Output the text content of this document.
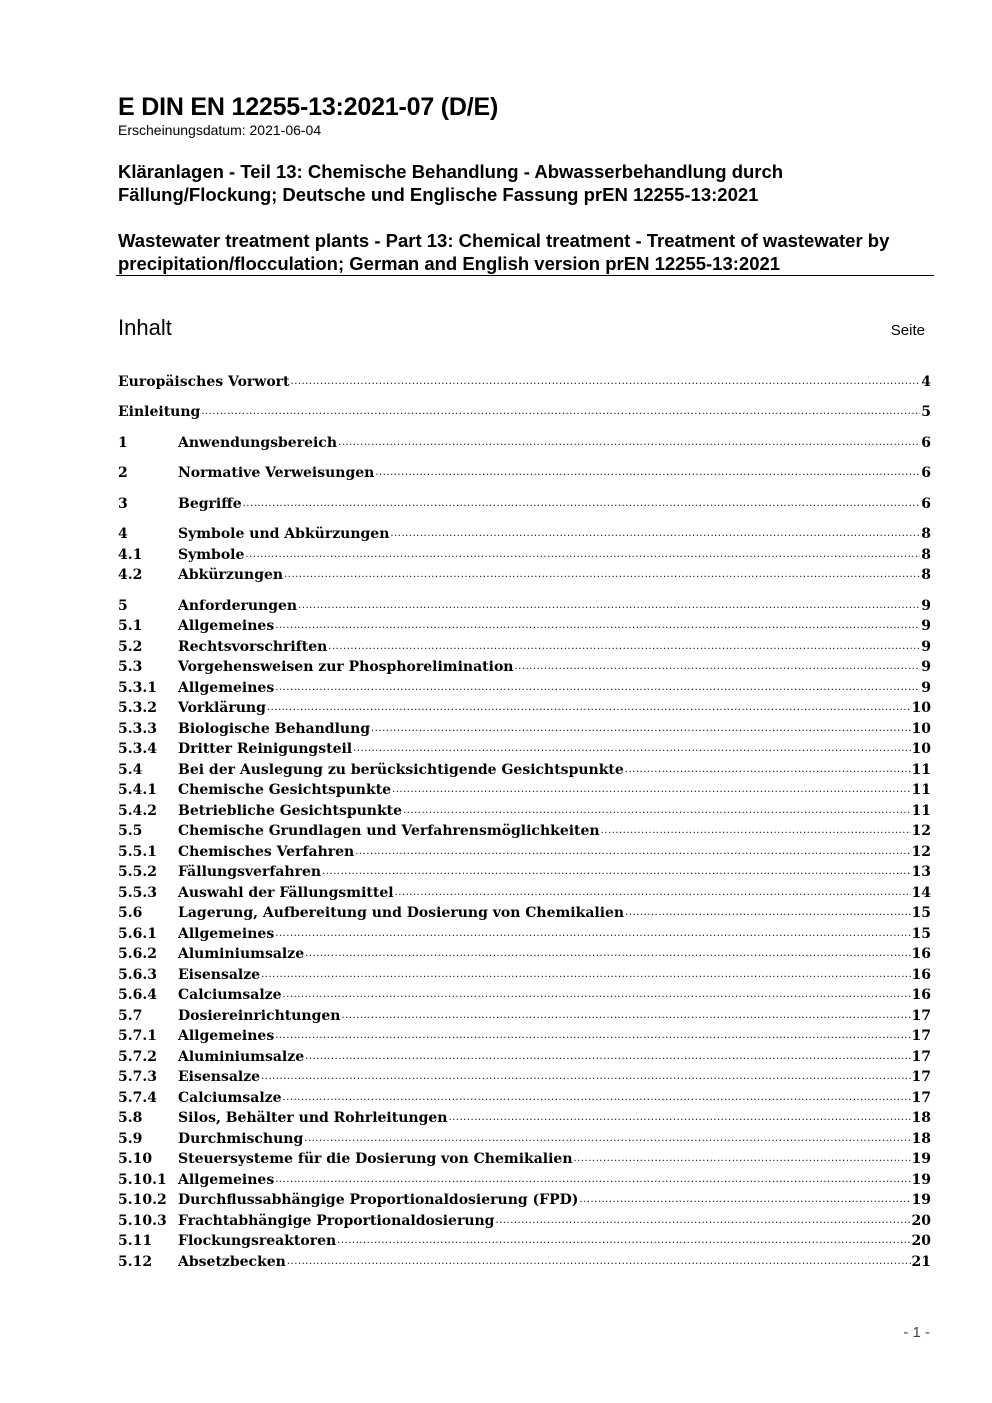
E DIN EN 12255-13:2021-07 (D/E)
Erscheinungsdatum: 2021-06-04
Kläranlagen - Teil 13: Chemische Behandlung - Abwasserbehandlung durch Fällung/Flockung; Deutsche und Englische Fassung prEN 12255-13:2021
Wastewater treatment plants - Part 13: Chemical treatment - Treatment of wastewater by precipitation/flocculation; German and English version prEN 12255-13:2021
Inhalt	Seite
Europäisches Vorwort .....	4
Einleitung .....	5
1	Anwendungsbereich .....	6
2	Normative Verweisungen .....	6
3	Begriffe .....	6
4	Symbole und Abkürzungen .....	8
4.1	Symbole .....	8
4.2	Abkürzungen .....	8
5	Anforderungen .....	9
5.1	Allgemeines .....	9
5.2	Rechtsvorschriften .....	9
5.3	Vorgehensweisen zur Phosphorelimination .....	9
5.3.1	Allgemeines .....	9
5.3.2	Vorklärung .....	10
5.3.3	Biologische Behandlung .....	10
5.3.4	Dritter Reinigungsteil .....	10
5.4	Bei der Auslegung zu berücksichtigende Gesichtspunkte .....	11
5.4.1	Chemische Gesichtspunkte .....	11
5.4.2	Betriebliche Gesichtspunkte .....	11
5.5	Chemische Grundlagen und Verfahrensmöglichkeiten .....	12
5.5.1	Chemisches Verfahren .....	12
5.5.2	Fällungsverfahren .....	13
5.5.3	Auswahl der Fällungsmittel .....	14
5.6	Lagerung, Aufbereitung und Dosierung von Chemikalien .....	15
5.6.1	Allgemeines .....	15
5.6.2	Aluminiumsalze .....	16
5.6.3	Eisensalze .....	16
5.6.4	Calciumsalze .....	16
5.7	Dosiereinrichtungen .....	17
5.7.1	Allgemeines .....	17
5.7.2	Aluminiumsalze .....	17
5.7.3	Eisensalze .....	17
5.7.4	Calciumsalze .....	17
5.8	Silos, Behälter und Rohrleitungen .....	18
5.9	Durchmischung .....	18
5.10	Steuersysteme für die Dosierung von Chemikalien .....	19
5.10.1 Allgemeines .....	19
5.10.2 Durchflussabhängige Proportionaldosierung (FPD) .....	19
5.10.3 Frachtabhängige Proportionaldosierung .....	20
5.11	Flockungsreaktoren .....	20
5.12	Absetzbecken .....	21
- 1 -
